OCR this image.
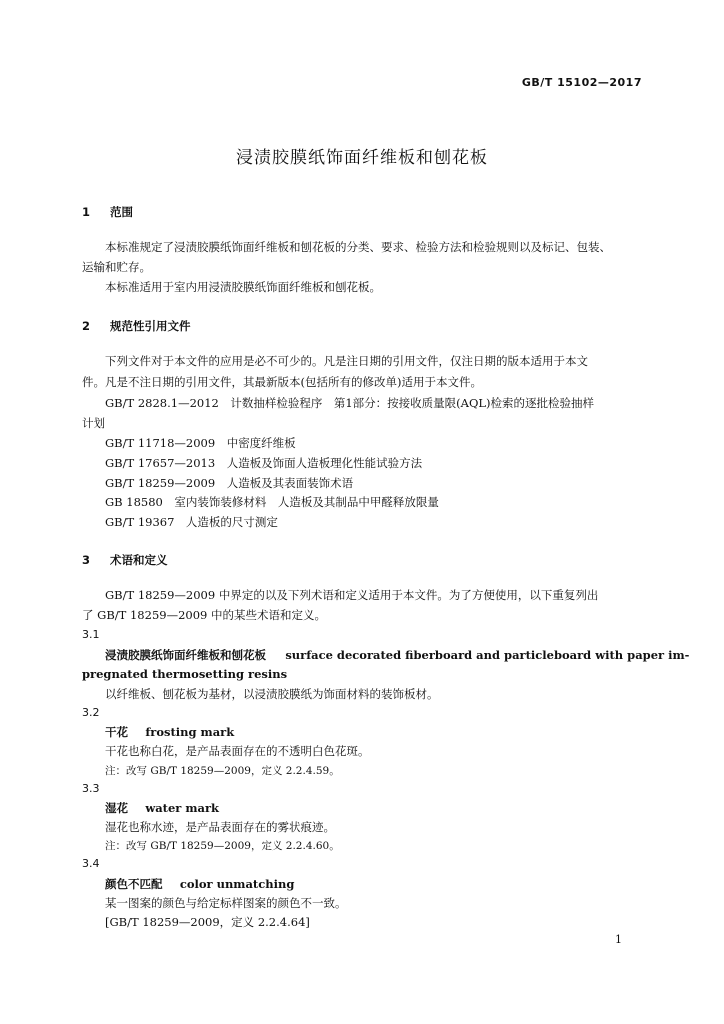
GB/T 15102—2017
浸渍胶膜纸饰面纤维板和刨花板
1 范围
本标准规定了浸渍胶膜纸饰面纤维板和刨花板的分类、要求、检验方法和检验规则以及标记、包装、
运输和贮存。
本标准适用于室内用浸渍胶膜纸饰面纤维板和刨花板。
2 规范性引用文件
下列文件对于本文件的应用是必不可少的。凡是注日期的引用文件，仅注日期的版本适用于本文
件。凡是不注日期的引用文件，其最新版本(包括所有的修改单)适用于本文件。
GB/T 2828.1—2012　计数抽样检验程序　第1部分：按接收质量限(AQL)检索的逐批检验抽样
计划
GB/T 11718—2009　中密度纤维板
GB/T 17657—2013　人造板及饰面人造板理化性能试验方法
GB/T 18259—2009　人造板及其表面装饰术语
GB 18580　室内装饰装修材料　人造板及其制品中甲醛释放限量
GB/T 19367　人造板的尺寸测定
3 术语和定义
GB/T 18259—2009 中界定的以及下列术语和定义适用于本文件。为了方便使用，以下重复列出
了 GB/T 18259—2009 中的某些术语和定义。
3.1
浸渍胶膜纸饰面纤维板和刨花板 surface decorated fiberboard and particleboard with paper im-
pregnated thermosetting resins
以纤维板、刨花板为基材，以浸渍胶膜纸为饰面材料的装饰板材。
3.2
干花 frosting mark
干花也称白花，是产品表面存在的不透明白色花斑。
注：改写 GB/T 18259—2009，定义 2.2.4.59。
3.3
湿花 water mark
湿花也称水迹，是产品表面存在的雾状痕迹。
注：改写 GB/T 18259—2009，定义 2.2.4.60。
3.4
颜色不匹配 color unmatching
某一图案的颜色与给定标样图案的颜色不一致。
[GB/T 18259—2009，定义 2.2.4.64]
1
